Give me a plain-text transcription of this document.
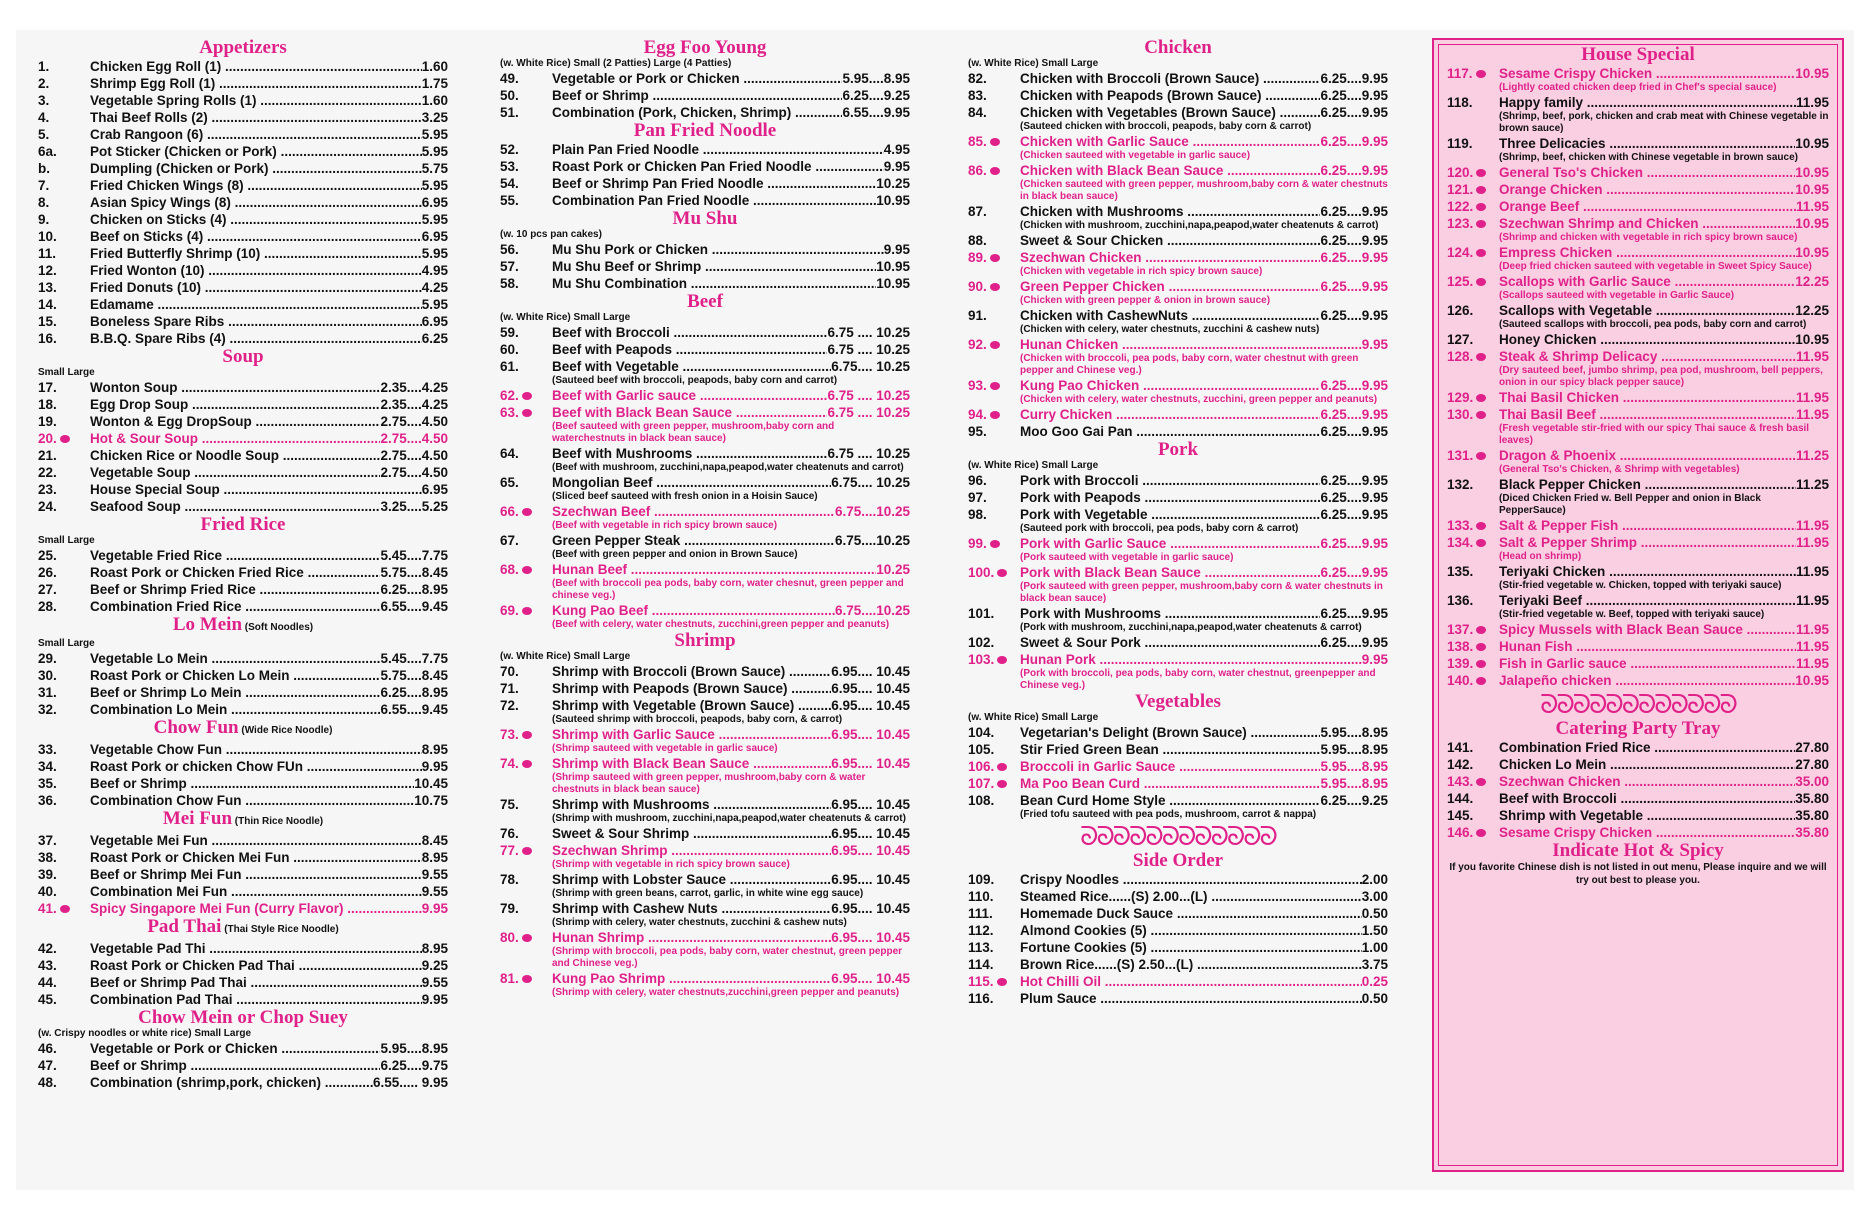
Appetizers
1.	Chicken Egg Roll (1) .....	1.60
2.	Shrimp Egg Roll (1) .....	1.75
3.	Vegetable Spring Rolls (1) .....	1.60
4.	Thai Beef Rolls (2) .....	3.25
5.	Crab Rangoon (6) .....	5.95
6a.	Pot Sticker (Chicken or Pork) .....	5.95
b.	Dumpling (Chicken or Pork) .....	5.75
7.	Fried Chicken Wings (8) .....	5.95
8.	Asian Spicy Wings (8) .....	6.95
9.	Chicken on Sticks (4) .....	5.95
10.	Beef on Sticks (4) .....	6.95
11.	Fried Butterfly Shrimp (10) .....	5.95
12.	Fried Wonton (10) .....	4.95
13.	Fried Donuts (10) .....	4.25
14.	Edamame .....	5.95
15.	Boneless Spare Ribs .....	6.95
16.	B.B.Q. Spare Ribs (4) .....	6.25
Soup
Small Large
17.	Wonton Soup .....	2.35....4.25
18.	Egg Drop Soup .....	2.35....4.25
19.	Wonton & Egg DropSoup .....	2.75....4.50
20.	Hot & Sour Soup .....	2.75....4.50
21.	Chicken Rice or Noodle Soup .....	2.75....4.50
22.	Vegetable Soup .....	2.75....4.50
23.	House Special Soup .....	6.95
24.	Seafood Soup .....	3.25....5.25
Fried Rice
Small Large
25.	Vegetable Fried Rice .....	5.45....7.75
26.	Roast Pork or Chicken Fried Rice .....	5.75....8.45
27.	Beef or Shrimp Fried Rice .....	6.25....8.95
28.	Combination Fried Rice .....	6.55....9.45
Lo Mein (Soft Noodles)
Small Large
29.	Vegetable Lo Mein .....	5.45....7.75
30.	Roast Pork or Chicken Lo Mein .....	5.75....8.45
31.	Beef or Shrimp Lo Mein .....	6.25....8.95
32.	Combination Lo Mein .....	6.55....9.45
Chow Fun (Wide Rice Noodle)
33.	Vegetable Chow Fun .....	8.95
34.	Roast Pork or chicken Chow FUn .....	9.95
35.	Beef or Shrimp .....	10.45
36.	Combination Chow Fun .....	10.75
Mei Fun (Thin Rice Noodle)
37.	Vegetable Mei Fun .....	8.45
38.	Roast Pork or Chicken Mei Fun .....	8.95
39.	Beef or Shrimp Mei Fun .....	9.55
40.	Combination Mei Fun .....	9.55
41.	Spicy Singapore Mei Fun (Curry Flavor) .....	9.95
Pad Thai (Thai Style Rice Noodle)
42.	Vegetable Pad Thi .....	8.95
43.	Roast Pork or Chicken Pad Thai .....	9.25
44.	Beef or Shrimp Pad Thai .....	9.55
45.	Combination Pad Thai .....	9.95
Chow Mein or Chop Suey
(w. Crispy noodles or white rice) Small Large
46.	Vegetable or Pork or Chicken .....	5.95....8.95
47.	Beef or Shrimp .....	6.25....9.75
48.	Combination (shrimp,pork, chicken) .....	6.55..... 9.95
Egg Foo Young
(w. White Rice) Small (2 Patties) Large (4 Patties)
49.	Vegetable or Pork or Chicken .....	5.95....8.95
50.	Beef or Shrimp .....	6.25....9.25
51.	Combination (Pork, Chicken, Shrimp) .....	6.55....9.95
Pan Fried Noodle
52.	Plain Pan Fried Noodle .....	4.95
53.	Roast Pork or Chicken Pan Fried Noodle .....	9.95
54.	Beef or Shrimp Pan Fried Noodle .....	10.25
55.	Combination Pan Fried Noodle .....	10.95
Mu Shu
(w. 10 pcs pan cakes)
56.	Mu Shu Pork or Chicken .....	9.95
57.	Mu Shu Beef or Shrimp .....	10.95
58.	Mu Shu Combination .....	10.95
Beef
(w. White Rice) Small Large
59.	Beef with Broccoli .....	6.75 .... 10.25
60.	Beef with Peapods .....	6.75 .... 10.25
61.	Beef with Vegetable .....	6.75.... 10.25
(Sauteed beef with broccoli, peapods, baby corn and carrot)
62.	Beef with Garlic sauce .....	6.75 .... 10.25
63.	Beef with Black Bean Sauce .....	6.75 .... 10.25
(Beef sauteed with green pepper, mushroom,baby corn and waterchestnuts in black bean sauce)
64.	Beef with Mushrooms .....	6.75 .... 10.25
(Beef with mushroom, zucchini,napa,peapod,water cheatenuts and carrot)
65.	Mongolian Beef .....	6.75.... 10.25
(Sliced beef sauteed with fresh onion in a Hoisin Sauce)
66.	Szechwan Beef .....	6.75....10.25
(Beef with vegetable in rich spicy brown sauce)
67.	Green Pepper Steak .....	6.75....10.25
(Beef with green pepper and onion in Brown Sauce)
68.	Hunan Beef .....	10.25
(Beef with broccoli pea pods, baby corn, water chesnut, green pepper and chinese veg.)
69.	Kung Pao Beef .....	6.75....10.25
(Beef with celery, water chestnuts, zucchini,green pepper and peanuts)
Shrimp
(w. White Rice) Small Large
70.	Shrimp with Broccoli (Brown Sauce) .....	6.95.... 10.45
71.	Shrimp with Peapods (Brown Sauce) .....	6.95.... 10.45
72.	Shrimp with Vegetable (Brown Sauce) .....	6.95.... 10.45
(Sauteed shrimp with broccoli, peapods, baby corn, & carrot)
73.	Shrimp with Garlic Sauce .....	6.95.... 10.45
(Shrimp sauteed with vegetable in garlic sauce)
74.	Shrimp with Black Bean Sauce .....	6.95.... 10.45
(Shrimp sauteed with green pepper, mushroom,baby corn & water chestnuts in black bean sauce)
75.	Shrimp with Mushrooms .....	6.95.... 10.45
(Shrimp with mushroom, zucchini,napa,peapod,water cheatenuts & carrot)
76.	Sweet & Sour Shrimp .....	6.95.... 10.45
77.	Szechwan Shrimp .....	6.95.... 10.45
(Shrimp with vegetable in rich spicy brown sauce)
78.	Shrimp with Lobster Sauce .....	6.95.... 10.45
(Shrimp with green beans, carrot, garlic, in white wine egg sauce)
79.	Shrimp with Cashew Nuts .....	6.95.... 10.45
(Shrimp with celery, water chestnuts, zucchini & cashew nuts)
80.	Hunan Shrimp .....	6.95.... 10.45
(Shrimp with broccoli, pea pods, baby corn, water chestnut, green pepper and Chinese veg.)
81.	Kung Pao Shrimp .....	6.95.... 10.45
(Shrimp with celery, water chestnuts,zucchini,green pepper and peanuts)
Chicken
(w. White Rice) Small Large
82.	Chicken with Broccoli (Brown Sauce) .....	6.25....9.95
83.	Chicken with Peapods (Brown Sauce) .....	6.25....9.95
84.	Chicken with Vegetables (Brown Sauce) .....	6.25....9.95
(Sauteed chicken with broccoli, peapods, baby corn & carrot)
85.	Chicken with Garlic Sauce .....	6.25....9.95
(Chicken sauteed with vegetable in garlic sauce)
86.	Chicken with Black Bean Sauce .....	6.25....9.95
(Chicken sauteed with green pepper, mushroom,baby corn & water chestnuts in black bean sauce)
87.	Chicken with Mushrooms .....	6.25....9.95
(Chicken with mushroom, zucchini,napa,peapod,water cheatenuts & carrot)
88.	Sweet & Sour Chicken .....	6.25....9.95
89.	Szechwan Chicken .....	6.25....9.95
(Chicken with vegetable in rich spicy brown sauce)
90.	Green Pepper Chicken .....	6.25....9.95
(Chicken with green pepper & onion in brown sauce)
91.	Chicken with CashewNuts .....	6.25....9.95
(Chicken with celery, water chestnuts, zucchini & cashew nuts)
92.	Hunan Chicken .....	9.95
(Chicken with broccoli, pea pods, baby corn, water chestnut with green pepper and Chinese veg.)
93.	Kung Pao Chicken .....	6.25....9.95
(Chicken with celery, water chestnuts, zucchini, green pepper and peanuts)
94.	Curry Chicken .....	6.25....9.95
95.	Moo Goo Gai Pan .....	6.25....9.95
Pork
(w. White Rice) Small Large
96.	Pork with Broccoli .....	6.25....9.95
97.	Pork with Peapods .....	6.25....9.95
98.	Pork with Vegetable .....	6.25....9.95
(Sauteed pork with broccoli, pea pods, baby corn & carrot)
99.	Pork with Garlic Sauce .....	6.25....9.95
(Pork sauteed with vegetable in garlic sauce)
100.	Pork with Black Bean Sauce .....	6.25....9.95
(Pork sauteed with green pepper, mushroom,baby corn & water chestnuts in black bean sauce)
101.	Pork with Mushrooms .....	6.25....9.95
(Pork with mushroom, zucchini,napa,peapod,water cheatenuts & carrot)
102.	Sweet & Sour Pork .....	6.25....9.95
103.	Hunan Pork .....	9.95
(Pork with broccoli, pea pods, baby corn, water chestnut, greenpepper and Chinese veg.)
Vegetables
(w. White Rice) Small Large
104.	Vegetarian's Delight (Brown Sauce) .....	5.95....8.95
105.	Stir Fried Green Bean .....	5.95....8.95
106.	Broccoli in Garlic Sauce .....	5.95....8.95
107.	Ma Poo Bean Curd .....	5.95....8.95
108.	Bean Curd Home Style .....	6.25....9.25
(Fried tofu sauteed with pea pods, mushroom, carrot & nappa)
ᘐᘐᘐᘐᘐᘐᘐᘐᘐᘐᘐᘐ
Side Order
109.	Crispy Noodles .....	2.00
110.	Steamed Rice......(S) 2.00...(L) .....	3.00
111.	Homemade Duck Sauce .....	0.50
112.	Almond Cookies (5) .....	1.50
113.	Fortune Cookies (5) .....	1.00
114.	Brown Rice......(S) 2.50...(L) .....	3.75
115.	Hot Chilli Oil .....	0.25
116.	Plum Sauce .....	0.50
House Special
117.	Sesame Crispy Chicken .....	10.95
(Lightly coated chicken deep fried in Chef's special sauce)
118.	Happy family .....	11.95
(Shrimp, beef, pork, chicken and crab meat with Chinese vegetable in brown sauce)
119.	Three Delicacies .....	10.95
(Shrimp, beef, chicken with Chinese vegetable in brown sauce)
120.	General Tso's Chicken .....	10.95
121.	Orange Chicken .....	10.95
122.	Orange Beef .....	11.95
123.	Szechwan Shrimp and Chicken .....	10.95
(Shrimp and chicken with vegetable in rich spicy brown sauce)
124.	Empress Chicken .....	10.95
(Deep fried chicken sauteed with vegetable in Sweet Spicy Sauce)
125.	Scallops with Garlic Sauce .....	12.25
(Scallops sauteed with vegetable in Garlic Sauce)
126.	Scallops with Vegetable .....	12.25
(Sauteed scallops with broccoli, pea pods, baby corn and carrot)
127.	Honey Chicken .....	10.95
128.	Steak & Shrimp Delicacy .....	11.95
(Dry sauteed beef, jumbo shrimp, pea pod, mushroom, bell peppers, onion in our spicy black pepper sauce)
129.	Thai Basil Chicken .....	11.95
130.	Thai Basil Beef .....	11.95
(Fresh vegetable stir-fried with our spicy Thai sauce & fresh basil leaves)
131.	Dragon & Phoenix .....	11.25
(General Tso's Chicken, & Shrimp with vegetables)
132.	Black Pepper Chicken .....	11.25
(Diced Chicken Fried w. Bell Pepper and onion in Black PepperSauce)
133.	Salt & Pepper Fish .....	11.95
134.	Salt & Pepper Shrimp .....	11.95
(Head on shrimp)
135.	Teriyaki Chicken .....	11.95
(Stir-fried vegetable w. Chicken, topped with teriyaki sauce)
136.	Teriyaki Beef .....	11.95
(Stir-fried vegetable w. Beef, topped with teriyaki sauce)
137.	Spicy Mussels with Black Bean Sauce .....	11.95
138.	Hunan Fish .....	11.95
139.	Fish in Garlic sauce .....	11.95
140.	Jalapeño chicken .....	10.95
ᘐᘐᘐᘐᘐᘐᘐᘐᘐᘐᘐᘐ
Catering Party Tray
141.	Combination Fried Rice .....	27.80
142.	Chicken Lo Mein .....	27.80
143.	Szechwan Chicken .....	35.00
144.	Beef with Broccoli .....	35.80
145.	Shrimp with Vegetable .....	35.80
146.	Sesame Crispy Chicken .....	35.80
Indicate Hot & Spicy
If you favorite Chinese dish is not listed in out menu, Please inquire and we will try out best to please you.
